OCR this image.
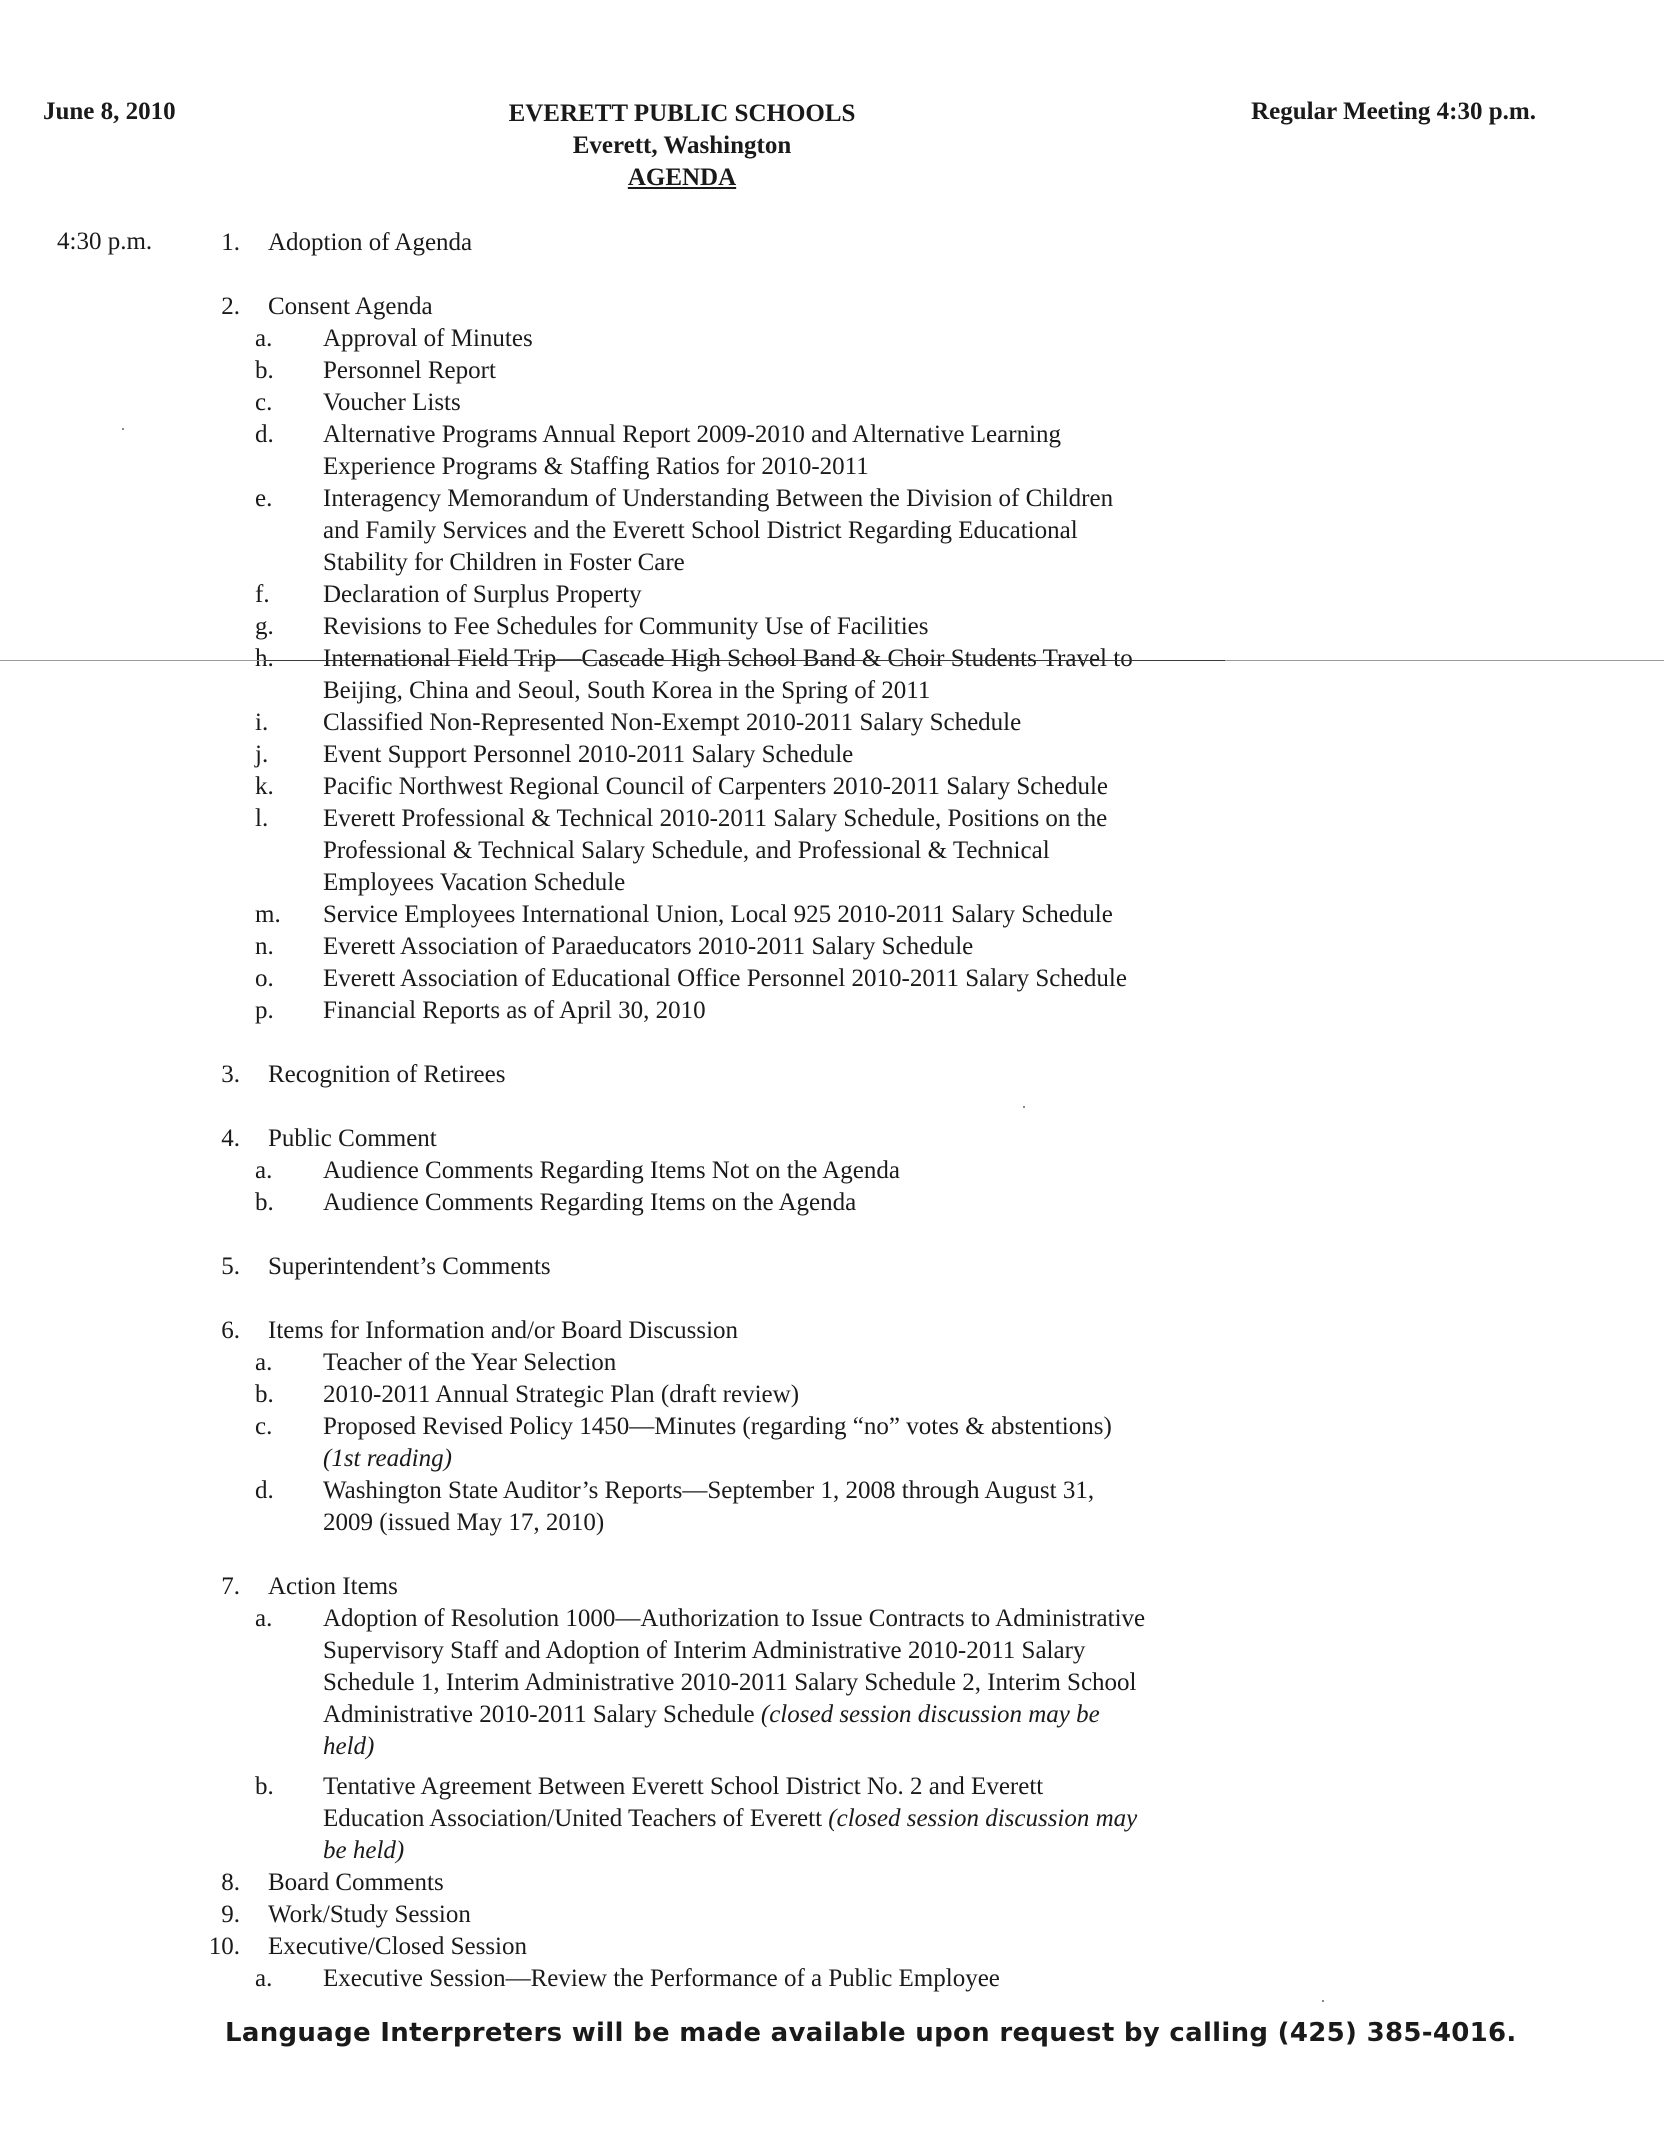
June 8, 2010	EVERETT PUBLIC SCHOOLS
Everett, Washington
AGENDA
Regular Meeting 4:30 p.m.
4:30 p.m.	1. Adoption of Agenda
2. Consent Agenda
a. Approval of Minutes
b. Personnel Report
c. Voucher Lists
d. Alternative Programs Annual Report 2009-2010 and Alternative Learning
Experience Programs & Staffing Ratios for 2010-2011
e. Interagency Memorandum of Understanding Between the Division of Children
and Family Services and the Everett School District Regarding Educational
Stability for Children in Foster Care
f. Declaration of Surplus Property
g. Revisions to Fee Schedules for Community Use of Facilities
h. International Field Trip—Cascade High School Band & Choir Students Travel to
Beijing, China and Seoul, South Korea in the Spring of 2011
i. Classified Non-Represented Non-Exempt 2010-2011 Salary Schedule
j. Event Support Personnel 2010-2011 Salary Schedule
k. Pacific Northwest Regional Council of Carpenters 2010-2011 Salary Schedule
l. Everett Professional & Technical 2010-2011 Salary Schedule, Positions on the
Professional & Technical Salary Schedule, and Professional & Technical
Employees Vacation Schedule
m. Service Employees International Union, Local 925 2010-2011 Salary Schedule
n. Everett Association of Paraeducators 2010-2011 Salary Schedule
o. Everett Association of Educational Office Personnel 2010-2011 Salary Schedule
p. Financial Reports as of April 30, 2010
3. Recognition of Retirees
4. Public Comment
a. Audience Comments Regarding Items Not on the Agenda
b. Audience Comments Regarding Items on the Agenda
5. Superintendent’s Comments
6. Items for Information and/or Board Discussion
a. Teacher of the Year Selection
b. 2010-2011 Annual Strategic Plan (draft review)
c. Proposed Revised Policy 1450—Minutes (regarding “no” votes & abstentions)
(1st reading)
d. Washington State Auditor’s Reports—September 1, 2008 through August 31,
2009 (issued May 17, 2010)
7. Action Items
a. Adoption of Resolution 1000—Authorization to Issue Contracts to Administrative
Supervisory Staff and Adoption of Interim Administrative 2010-2011 Salary
Schedule 1, Interim Administrative 2010-2011 Salary Schedule 2, Interim School
Administrative 2010-2011 Salary Schedule (closed session discussion may be
held)
b. Tentative Agreement Between Everett School District No. 2 and Everett
Education Association/United Teachers of Everett (closed session discussion may
be held)
8. Board Comments
9. Work/Study Session
10. Executive/Closed Session
a. Executive Session—Review the Performance of a Public Employee
Language Interpreters will be made available upon request by calling (425) 385-4016.
